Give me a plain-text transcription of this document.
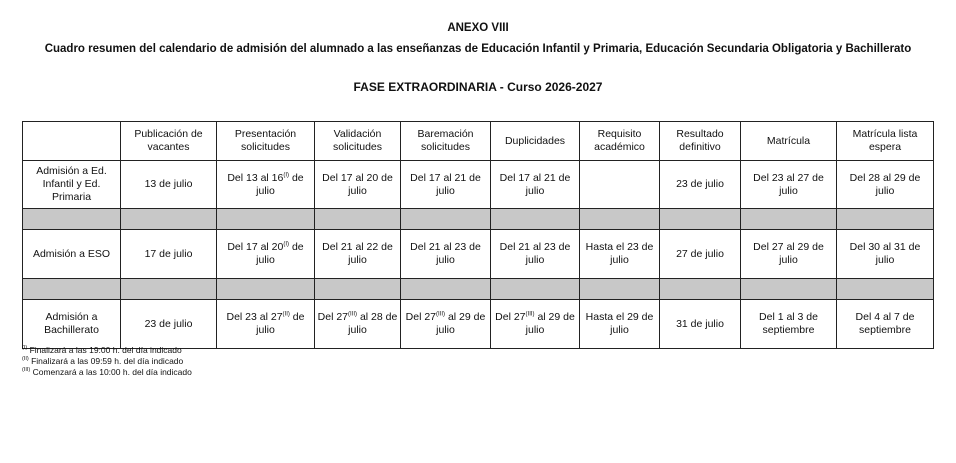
ANEXO VIII
Cuadro resumen del calendario de admisión del alumnado a las enseñanzas de Educación Infantil y Primaria, Educación Secundaria Obligatoria y Bachillerato
FASE EXTRAORDINARIA - Curso 2026-2027
	Publicación de vacantes	Presentación solicitudes	Validación solicitudes	Baremación solicitudes	Duplicidades	Requisito académico	Resultado definitivo	Matrícula	Matrícula lista espera
Admisión a Ed. Infantil y Ed. Primaria	13 de julio	Del 13 al $16^{(I)}$ de julio	Del 17 al 20 de julio	Del 17 al 21 de julio	Del 17 al 21 de julio		23 de julio	Del 23 al 27 de julio	Del 28 al 29 de julio

Admisión a ESO	17 de julio	Del 17 al $20^{(I)}$ de julio	Del 21 al 22 de julio	Del 21 al 23 de julio	Del 21 al 23 de julio	Hasta el 23 de julio	27 de julio	Del 27 al 29 de julio	Del 30 al 31 de julio

Admisión a Bachillerato	23 de julio	Del 23 al $27^{(II)}$ de julio	Del $27^{(III)}$ al 28 de julio	Del $27^{(III)}$ al 29 de julio	Del $27^{(III)}$ al 29 de julio	Hasta el 29 de julio	31 de julio	Del 1 al 3 de septiembre	Del 4 al 7 de septiembre
$^{(I)}$ Finalizará a las 19:00 h. del día indicado
$^{(II)}$ Finalizará a las 09:59 h. del día indicado
$^{(III)}$ Comenzará a las 10:00 h. del día indicado
